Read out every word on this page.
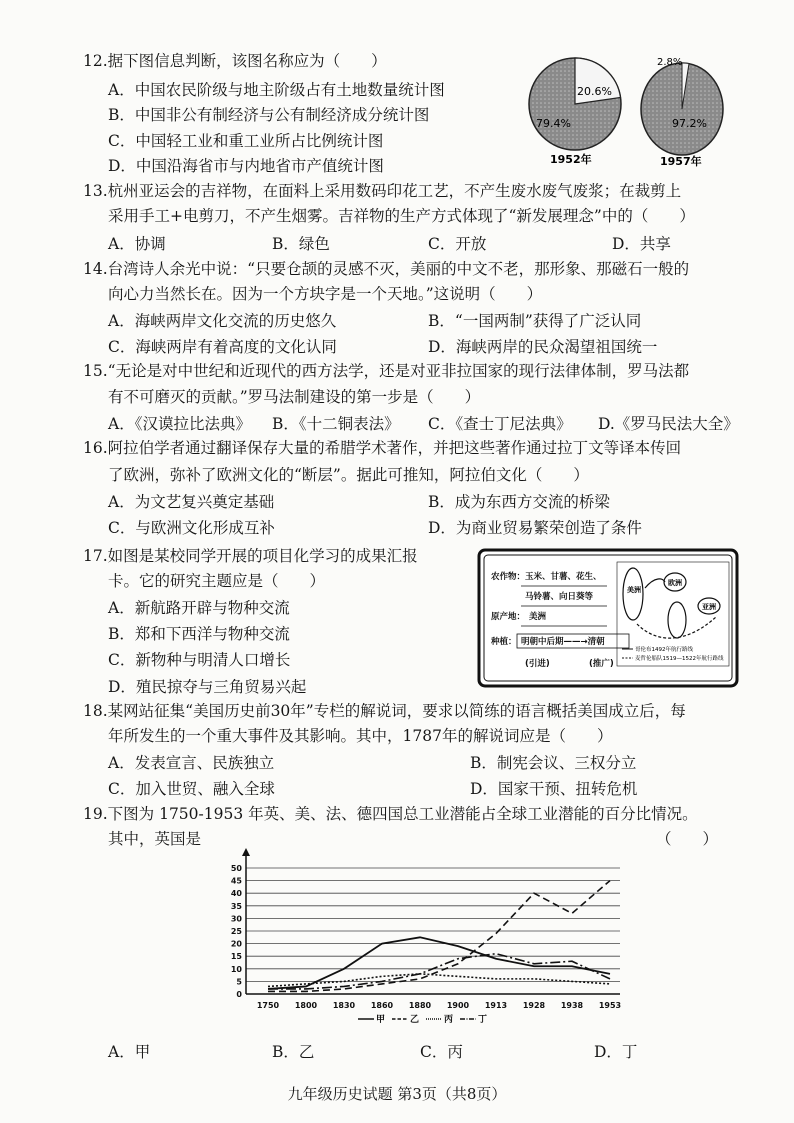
12.据下图信息判断，该图名称应为（　　）
A．中国农民阶级与地主阶级占有土地数量统计图
B．中国非公有制经济与公有制经济成分统计图
C．中国轻工业和重工业所占比例统计图
D．中国沿海省市与内地省市产值统计图
20.6%
79.4%
1952年
97.2%
2.8%
1957年
13.杭州亚运会的吉祥物，在面料上采用数码印花工艺，不产生废水废气废浆；在裁剪上
采用手工+电剪刀，不产生烟雾。吉祥物的生产方式体现了“新发展理念”中的（　　）
A．协调	B．绿色	C．开放	D．共享
14.台湾诗人余光中说：“只要仓颉的灵感不灭，美丽的中文不老，那形象、那磁石一般的
向心力当然长在。因为一个方块字是一个天地。”这说明（　　）
A．海峡两岸文化交流的历史悠久	B．“一国两制”获得了广泛认同
C．海峡两岸有着高度的文化认同	D．海峡两岸的民众渴望祖国统一
15.“无论是对中世纪和近现代的西方法学，还是对亚非拉国家的现行法律体制，罗马法都
有不可磨灭的贡献。”罗马法制建设的第一步是（　　）
A．《汉谟拉比法典》 B．《十二铜表法》 C．《查士丁尼法典》 D.《罗马民法大全》
16.阿拉伯学者通过翻译保存大量的希腊学术著作，并把这些著作通过拉丁文等译本传回
了欧洲，弥补了欧洲文化的“断层”。据此可推知，阿拉伯文化（　　）
A．为文艺复兴奠定基础	B．成为东西方交流的桥梁
C．与欧洲文化形成互补	D．为商业贸易繁荣创造了条件
17.如图是某校同学开展的项目化学习的成果汇报
卡。它的研究主题应是（　　）
A．新航路开辟与物种交流
B．郑和下西洋与物种交流
C．新物种与明清人口增长
D．殖民掠夺与三角贸易兴起
农作物： 玉米、甘薯、花生、
马铃薯、向日葵等
原产地： 美洲
种植： 明朝中后期——→清朝
(引进)	(推广)
欧洲
亚洲
美洲
哥伦布1492年航行路线
麦哲伦船队1519—1522年航行路线
18.某网站征集“美国历史前30年”专栏的解说词，要求以简练的语言概括美国成立后，每
年所发生的一个重大事件及其影响。其中，1787年的解说词应是（　　）
A．发表宣言、民族独立	B．制宪会议、三权分立
C．加入世贸、融入全球	D．国家干预、扭转危机
19.下图为 1750-1953 年英、美、法、德四国总工业潜能占全球工业潜能的百分比情况。
其中，英国是	（　　）
0
5
10
15
20
25
30
35
40
45
50
1750 1800 1830 1860 1880 1900 1913 1928 1938 1953
甲	乙	丙	丁
A．甲	B．乙	C．丙	D．丁
九年级历史试题 第3页（共8页）
